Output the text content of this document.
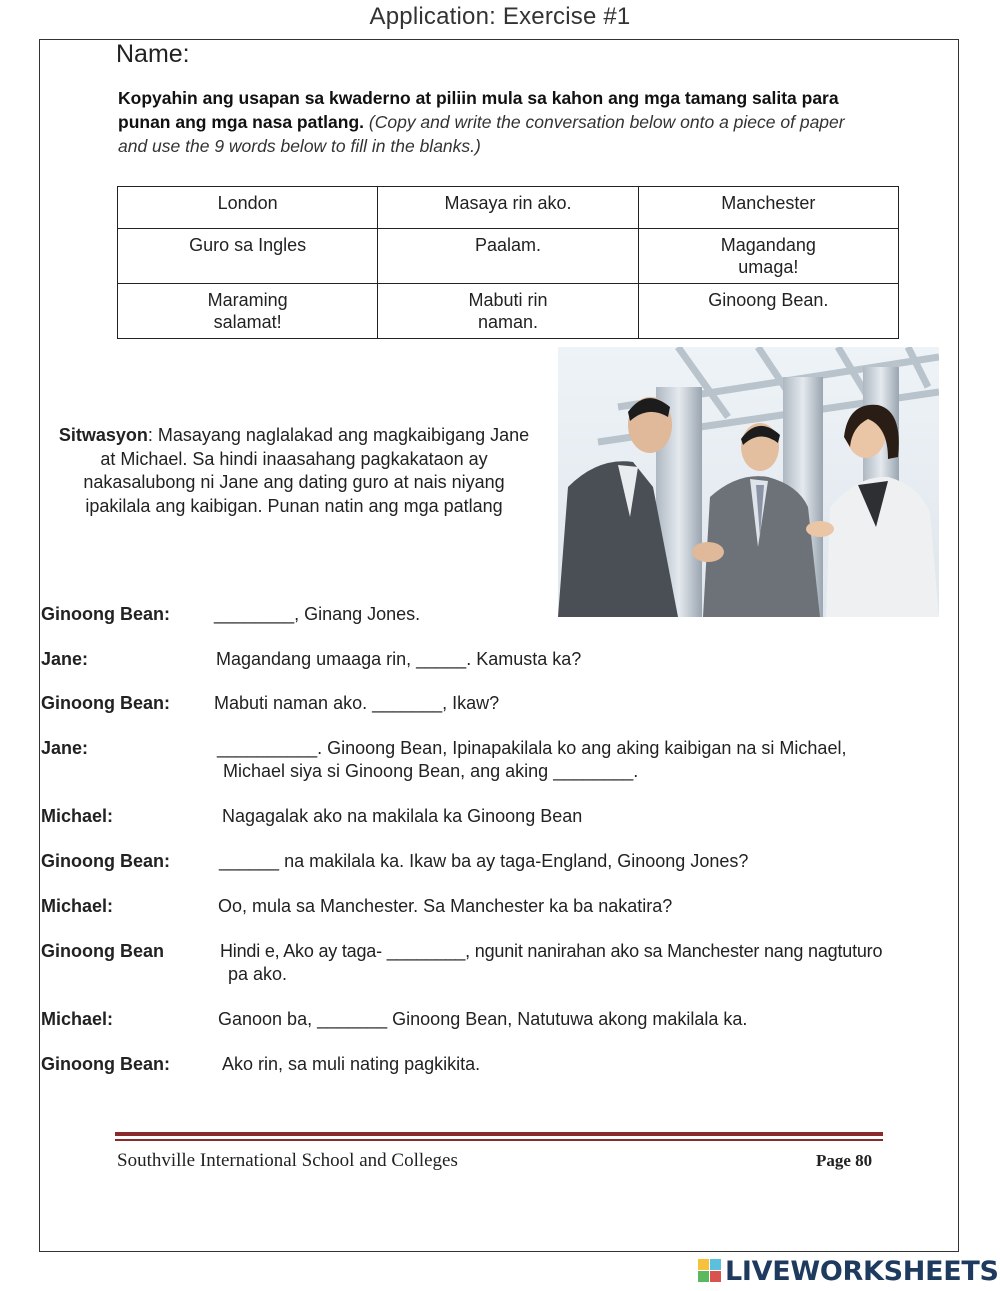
Application: Exercise #1
Name:
Kopyahin ang usapan sa kwaderno at piliin mula sa kahon ang mga tamang salita para punan ang mga nasa patlang. (Copy and write the conversation below onto a piece of paper and use the 9 words below to fill in the blanks.)
London	Masaya rin ako.	Manchester
Guro sa Ingles	Paalam.	Magandang umaga!
Maraming salamat!	Mabuti rin naman.	Ginoong Bean.
Sitwasyon: Masayang naglalakad ang magkaibigang Jane at Michael. Sa hindi inaasahang pagkakataon ay nakasalubong ni Jane ang dating guro at nais niyang ipakilala ang kaibigan. Punan natin ang mga patlang
Ginoong Bean: ________, Ginang Jones.
Jane:	Magandang umaaga rin, _____. Kamusta ka?
Ginoong Bean: Mabuti naman ako. _______, Ikaw?
Jane:	__________. Ginoong Bean, Ipinapakilala ko ang aking kaibigan na si Michael,
Michael siya si Ginoong Bean, ang aking ________.
Michael:	Nagagalak ako na makilala ka Ginoong Bean
Ginoong Bean:	______ na makilala ka. Ikaw ba ay taga-England, Ginoong Jones?
Michael:	Oo, mula sa Manchester. Sa Manchester ka ba nakatira?
Ginoong Bean	Hindi e, Ako ay taga- ________, ngunit nanirahan ako sa Manchester nang nagtuturo
pa ako.
Michael:	Ganoon ba, _______ Ginoong Bean, Natutuwa akong makilala ka.
Ginoong Bean:	Ako rin, sa muli nating pagkikita.
Southville International School and Colleges	Page 80
LIVEWORKSHEETS
